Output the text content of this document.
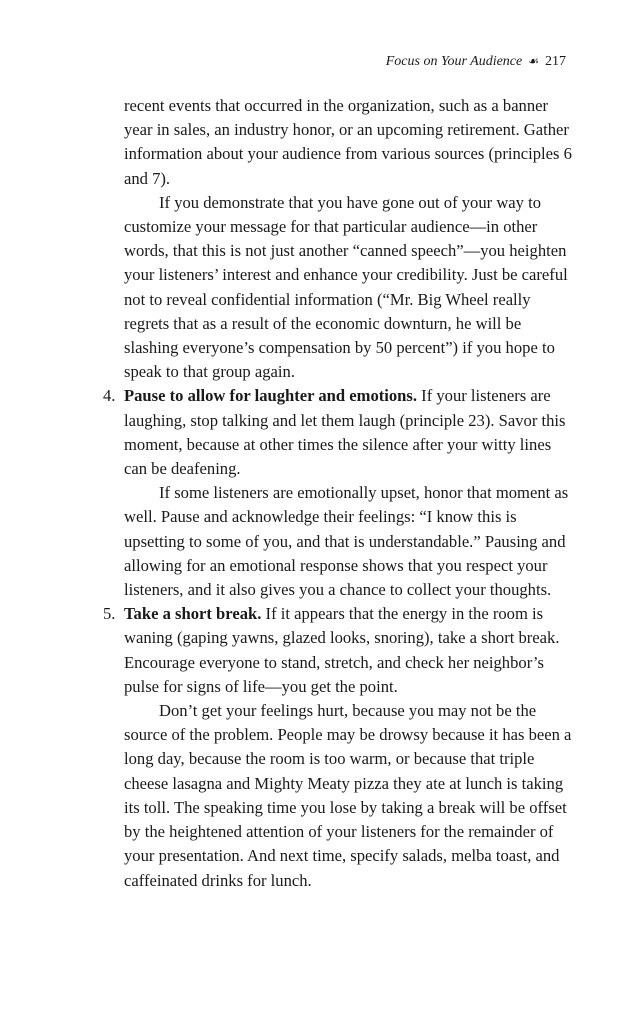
Focus on Your Audience ☙ 217

recent events that occurred in the organization, such as a banner year in sales, an industry honor, or an upcoming retirement. Gather information about your audience from various sources (principles 6 and 7).

If you demonstrate that you have gone out of your way to customize your message for that particular audience—in other words, that this is not just another “canned speech”—you heighten your listeners’ interest and enhance your credibility. Just be careful not to reveal confidential information (“Mr. Big Wheel really regrets that as a result of the economic downturn, he will be slashing everyone’s compensation by 50 percent”) if you hope to speak to that group again.

4. Pause to allow for laughter and emotions. If your listeners are laughing, stop talking and let them laugh (principle 23). Savor this moment, because at other times the silence after your witty lines can be deafening.

If some listeners are emotionally upset, honor that moment as well. Pause and acknowledge their feelings: “I know this is upsetting to some of you, and that is understandable.” Pausing and allowing for an emotional response shows that you respect your listeners, and it also gives you a chance to collect your thoughts.

5. Take a short break. If it appears that the energy in the room is waning (gaping yawns, glazed looks, snoring), take a short break. Encourage everyone to stand, stretch, and check her neighbor’s pulse for signs of life—you get the point.

Don’t get your feelings hurt, because you may not be the source of the problem. People may be drowsy because it has been a long day, because the room is too warm, or because that triple cheese lasagna and Mighty Meaty pizza they ate at lunch is taking its toll. The speaking time you lose by taking a break will be offset by the heightened attention of your listeners for the remainder of your presentation. And next time, specify salads, melba toast, and caffeinated drinks for lunch.
